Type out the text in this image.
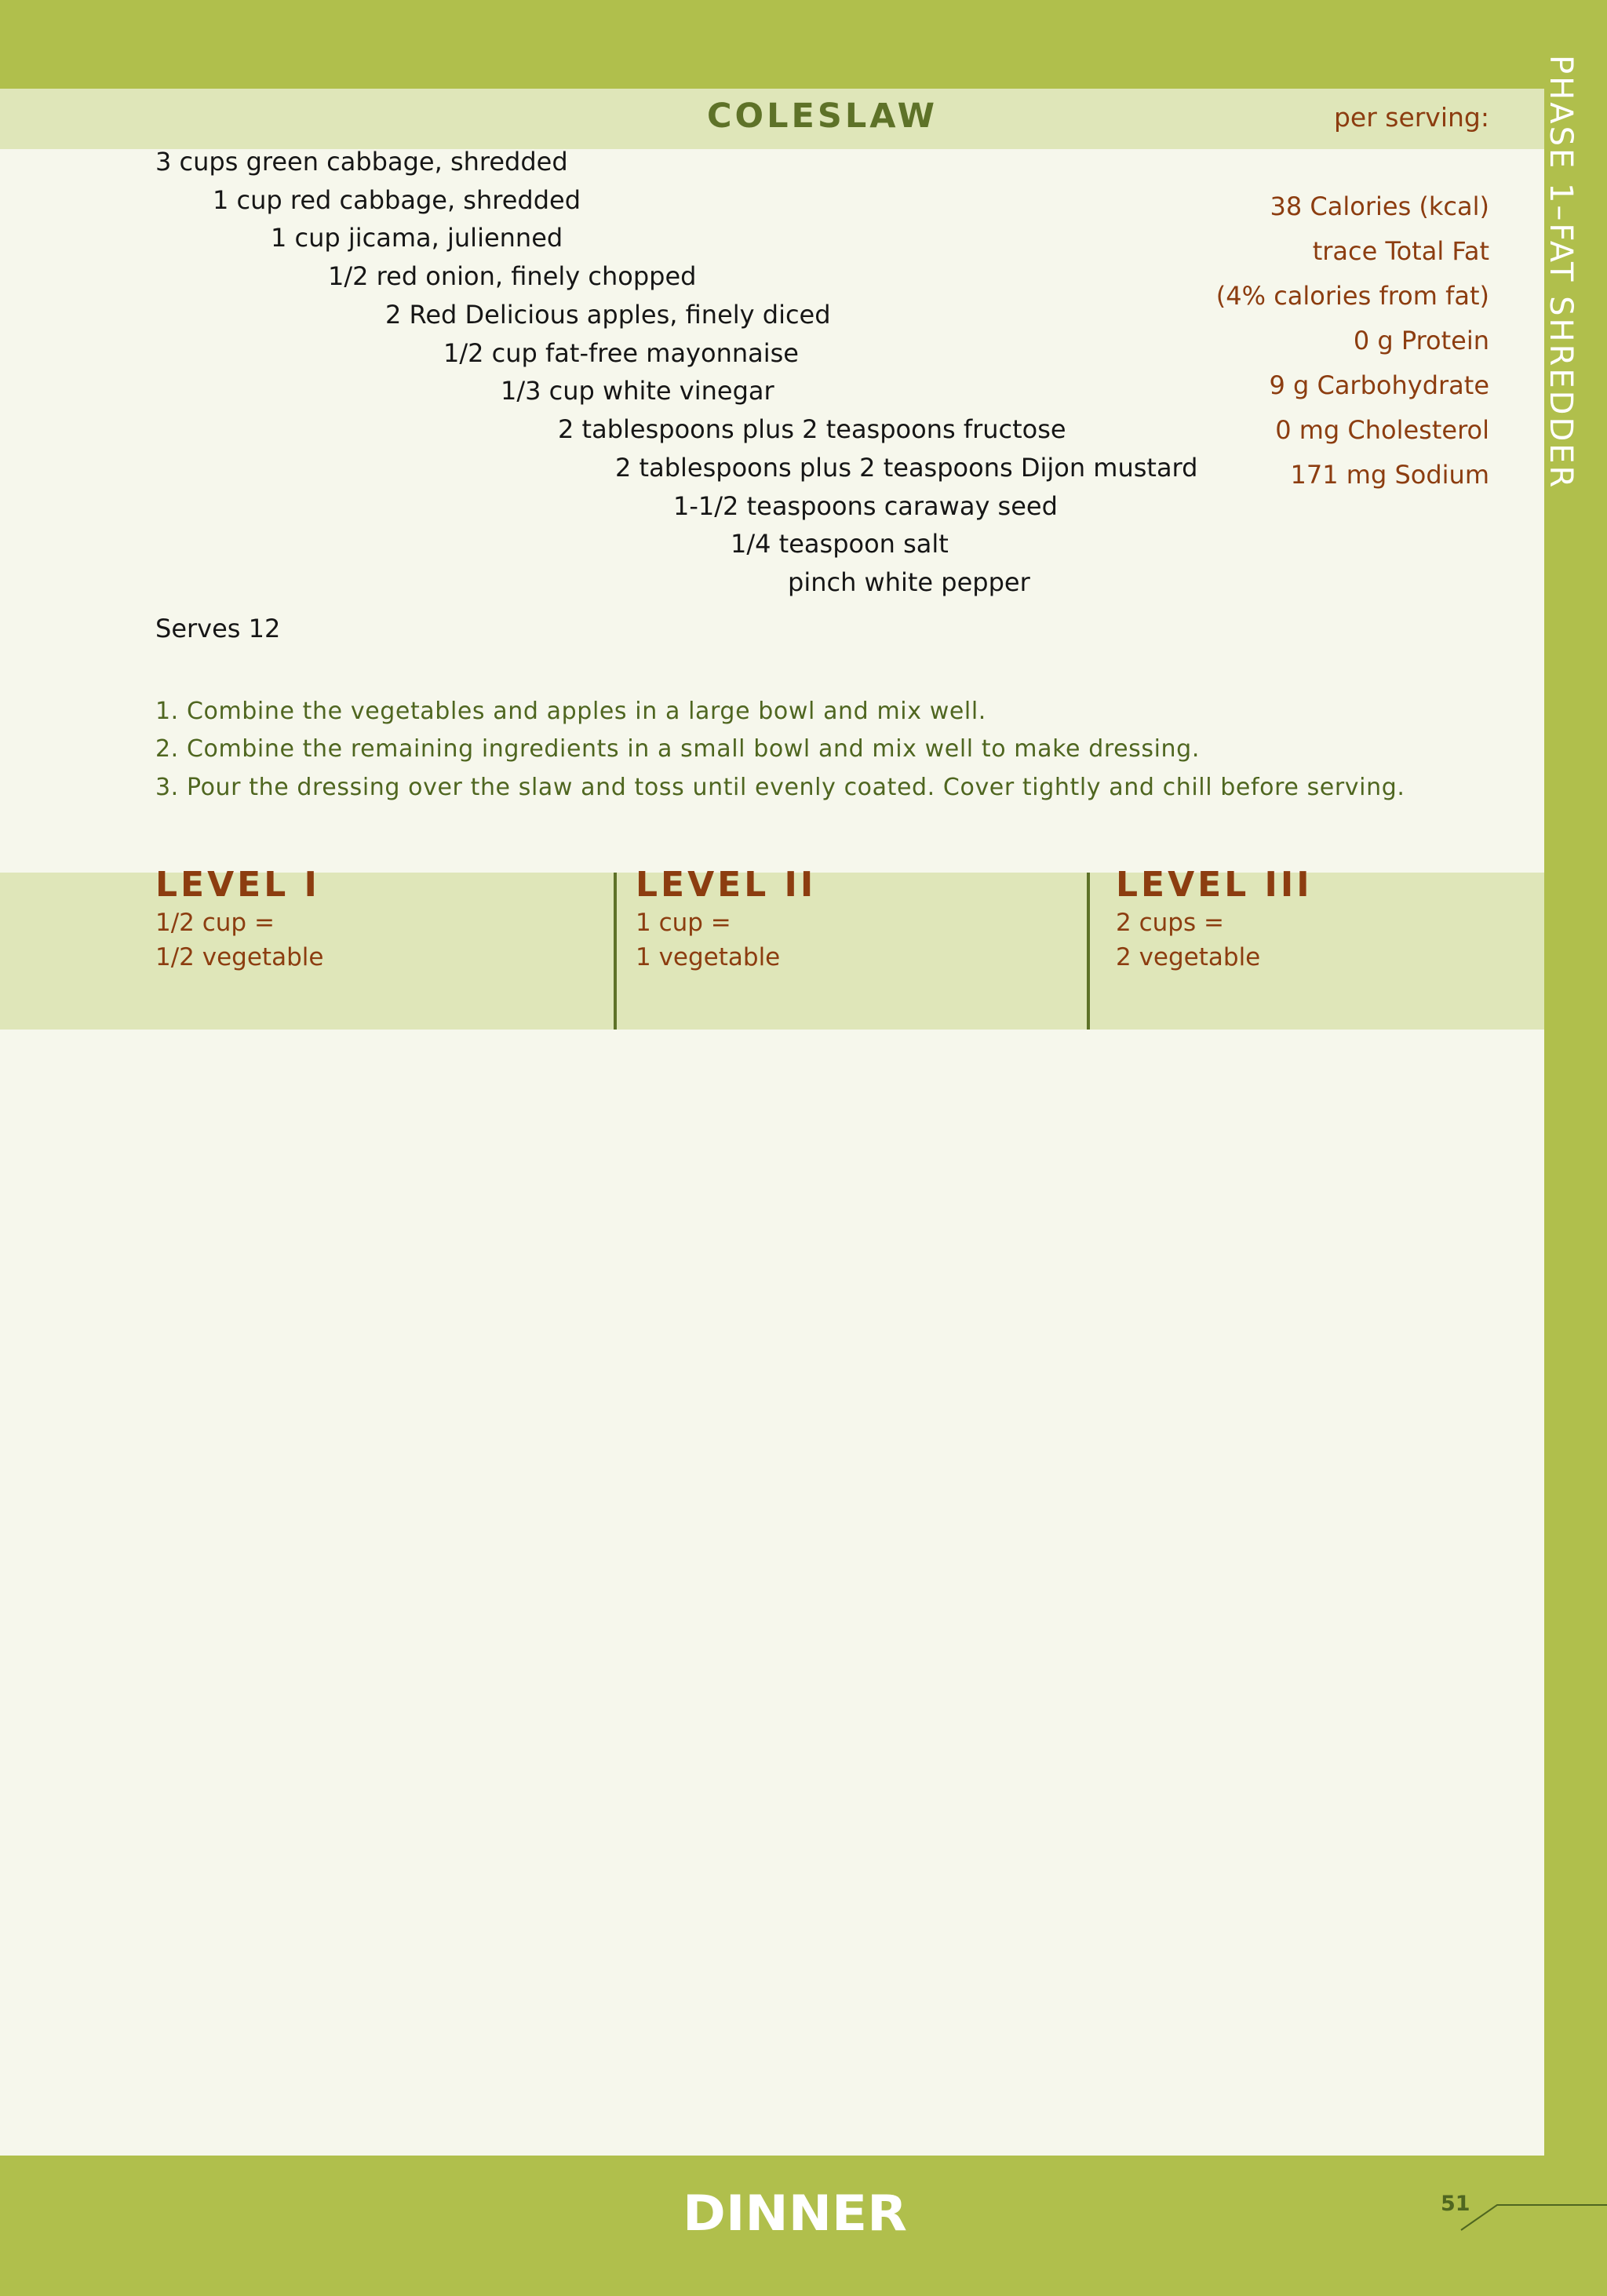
COLESLAW	per serving:
3 cups green cabbage, shredded
1 cup red cabbage, shredded
1 cup jicama, julienned
1/2 red onion, finely chopped
2 Red Delicious apples, finely diced
1/2 cup fat-free mayonnaise
1/3 cup white vinegar
2 tablespoons plus 2 teaspoons fructose
2 tablespoons plus 2 teaspoons Dijon mustard
1-1/2 teaspoons caraway seed
1/4 teaspoon salt
pinch white pepper
38 Calories (kcal)
trace Total Fat
(4% calories from fat)
0 g Protein
9 g Carbohydrate
0 mg Cholesterol
171 mg Sodium
Serves 12
1. Combine the vegetables and apples in a large bowl and mix well.
2. Combine the remaining ingredients in a small bowl and mix well to make dressing.
3. Pour the dressing over the slaw and toss until evenly coated. Cover tightly and chill before serving.
LEVEL I
1/2 cup =
1/2 vegetable
LEVEL II
1 cup =
1 vegetable
LEVEL III
2 cups =
2 vegetable
PHASE 1–FAT SHREDDER
DINNER	51
